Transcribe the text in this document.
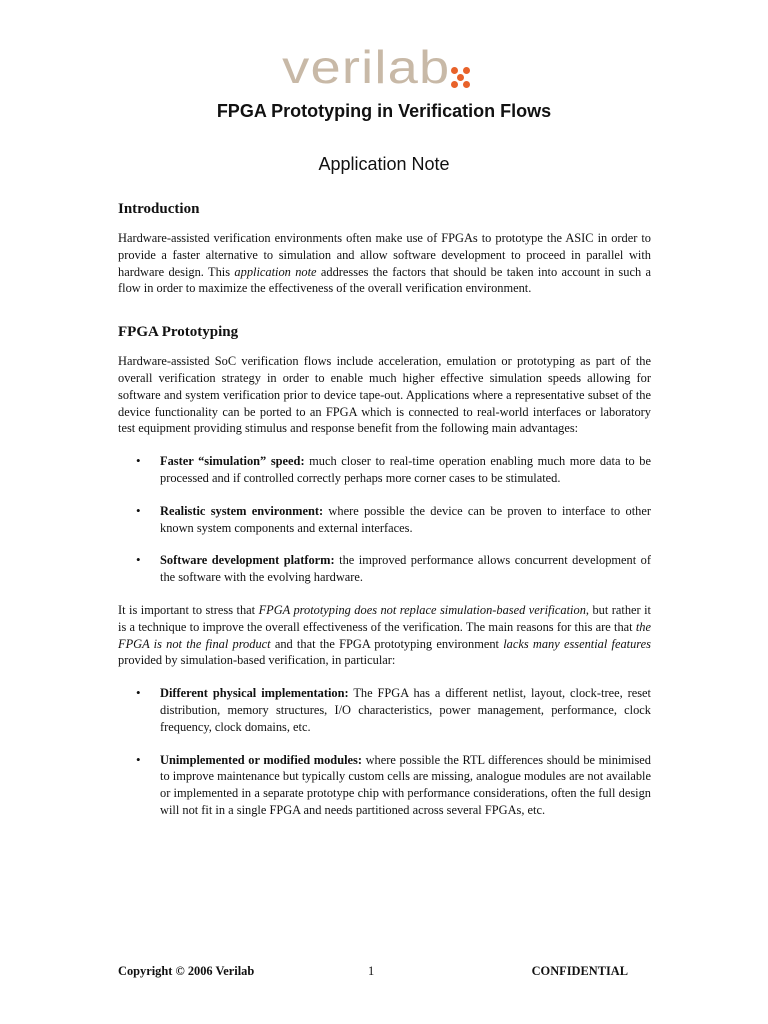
verilab
FPGA Prototyping in Verification Flows
Application Note
Introduction

Hardware-assisted verification environments often make use of FPGAs to prototype the ASIC in order to provide a faster alternative to simulation and allow software development to proceed in parallel with hardware design. This application note addresses the factors that should be taken into account in such a flow in order to maximize the effectiveness of the overall verification environment.

FPGA Prototyping

Hardware-assisted SoC verification flows include acceleration, emulation or prototyping as part of the overall verification strategy in order to enable much higher effective simulation speeds allowing for software and system verification prior to device tape-out. Applications where a representative subset of the device functionality can be ported to an FPGA which is connected to real-world interfaces or laboratory test equipment providing stimulus and response benefit from the following main advantages:

• Faster “simulation” speed: much closer to real-time operation enabling much more data to be processed and if controlled correctly perhaps more corner cases to be stimulated.
• Realistic system environment: where possible the device can be proven to interface to other known system components and external interfaces.
• Software development platform: the improved performance allows concurrent development of the software with the evolving hardware.

It is important to stress that FPGA prototyping does not replace simulation-based verification, but rather it is a technique to improve the overall effectiveness of the verification. The main reasons for this are that the FPGA is not the final product and that the FPGA prototyping environment lacks many essential features provided by simulation-based verification, in particular:

• Different physical implementation: The FPGA has a different netlist, layout, clock-tree, reset distribution, memory structures, I/O characteristics, power management, performance, clock frequency, clock domains, etc.
• Unimplemented or modified modules: where possible the RTL differences should be minimised to improve maintenance but typically custom cells are missing, analogue modules are not available or implemented in a separate prototype chip with performance considerations, often the full design will not fit in a single FPGA and needs partitioned across several FPGAs, etc.
Copyright © 2006 Verilab	1	CONFIDENTIAL
